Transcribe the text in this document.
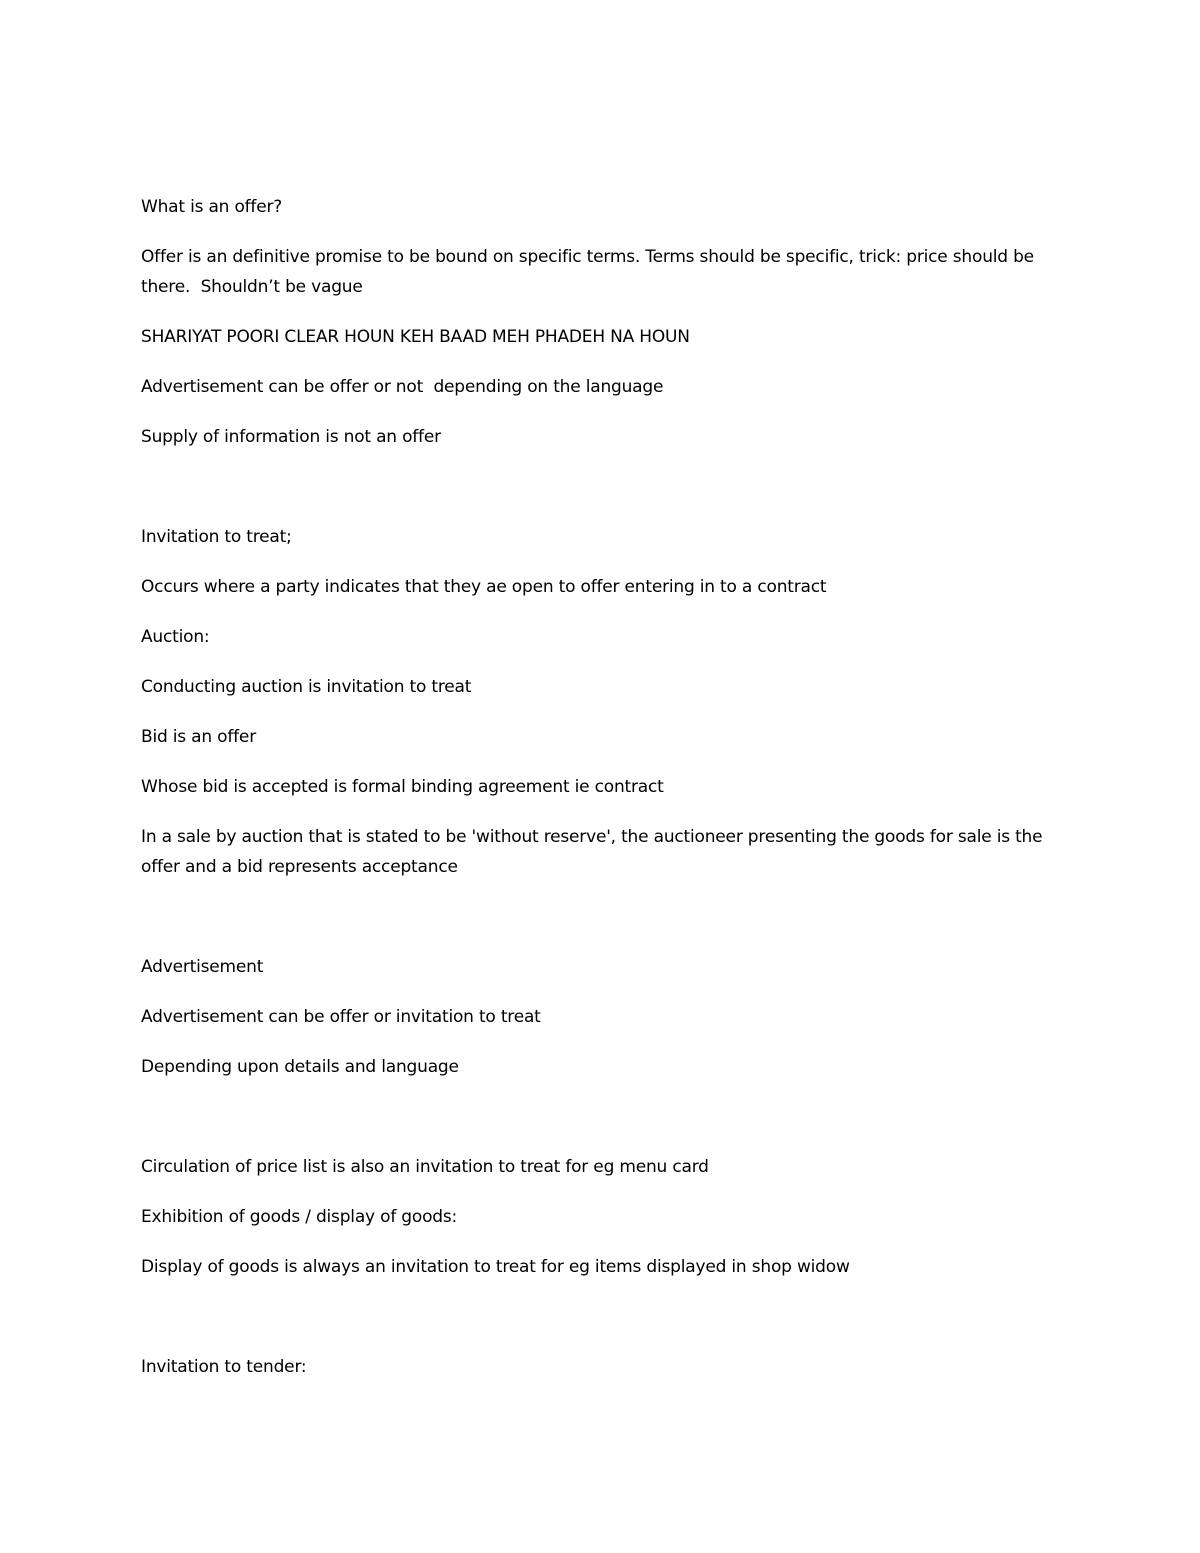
What is an offer?

Offer is an definitive promise to be bound on specific terms. Terms should be specific, trick: price should be there.  Shouldn’t be vague

SHARIYAT POORI CLEAR HOUN KEH BAAD MEH PHADEH NA HOUN

Advertisement can be offer or not  depending on the language

Supply of information is not an offer

Invitation to treat;

Occurs where a party indicates that they ae open to offer entering in to a contract

Auction:

Conducting auction is invitation to treat

Bid is an offer

Whose bid is accepted is formal binding agreement ie contract

In a sale by auction that is stated to be 'without reserve', the auctioneer presenting the goods for sale is the offer and a bid represents acceptance

Advertisement

Advertisement can be offer or invitation to treat

Depending upon details and language

Circulation of price list is also an invitation to treat for eg menu card

Exhibition of goods / display of goods:

Display of goods is always an invitation to treat for eg items displayed in shop widow

Invitation to tender:
